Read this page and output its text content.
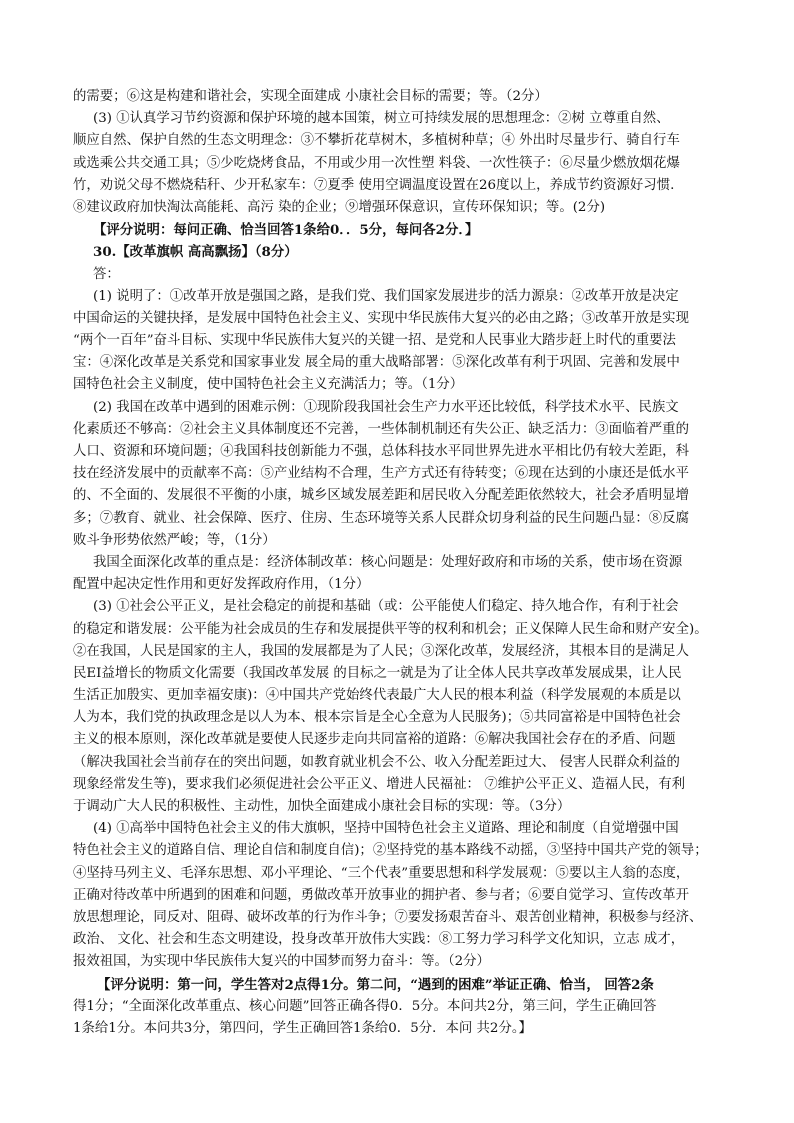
的需要；⑥这是构建和谐社会，实现全面建成 小康社会目标的需要；等。（2分）
(3) ①认真学习节约资源和保护环境的越本国策，树立可持续发展的思想理念：②树 立尊重自然、
顺应自然、保护自然的生态文明理念：③不攀折花草树木，多植树种草；④ 外出时尽量步行、骑自行车
或选乘公共交通工具；⑤少吃烧烤食品，不用或少用一次性塑 料袋、一次性筷子：⑥尽量少燃放烟花爆
竹，劝说父母不燃烧秸秆、少开私家车：⑦夏季 使用空调温度设置在26度以上，养成节约资源好习惯.
⑧建议政府加快淘汰高能耗、高污 染的企业；⑨增强环保意识，宣传环保知识；等。(2分)
【评分说明：每问正确、恰当回答1条给0．．5分，每问各2分．】
30.【改革旗帜 高高飘扬】（8分）
答：
(1) 说明了：①改革开放是强国之路，是我们党、我们国家发展进步的活力源泉：②改革开放是决定
中国命运的关键抉择，是发展中国特色社会主义、实现中华民族伟大复兴的必由之路；③改革开放是实现
“两个一百年”奋斗目标、实现中华民族伟大复兴的关键一招、是党和人民事业大踏步赶上时代的重要法
宝：④深化改革是关系党和国家事业发 展全局的重大战略部署：⑤深化改革有利于巩固、完善和发展中
国特色社会主义制度，使中国特色社会主义充满活力；等。（1分）
(2) 我国在改革中遇到的困难示例：①现阶段我国社会生产力水平还比较低，科学技术水平、民族文
化素质还不够高：②社会主义具体制度还不完善，一些体制机制还有失公正、缺乏活力：③面临着严重的
人口、资源和环境问题；④我国科技创新能力不强，总体科技水平同世界先进水平相比仍有较大差距，科
技在经济发展中的贡献率不高：⑤产业结构不合理，生产方式还有待转变；⑥现在达到的小康还是低水平
的、不全面的、发展很不平衡的小康，城乡区域发展差距和居民收入分配差距依然较大，社会矛盾明显增
多；⑦教育、就业、社会保障、医疗、住房、生态环境等关系人民群众切身利益的民生问题凸显：⑧反腐
败斗争形势依然严峻；等，（1分）
我国全面深化改革的重点是：经济体制改革：核心问题是：处理好政府和市场的关系，使市场在资源
配置中起决定性作用和更好发挥政府作用，（1分）
(3) ①社会公平正义，是社会稳定的前提和基础（或：公平能使人们稳定、持久地合作，有利于社会
的稳定和谐发展：公平能为社会成员的生存和发展提供平等的权利和机会；正义保障人民生命和财产安全)。
②在我国，人民是国家的主人，我国的发展都是为了人民；③深化改革，发展经济，其根本目的是满足人
民EI益增长的物质文化需要（我国改革发展 的目标之一就是为了让全体人民共享改革发展成果，让人民
生活正加殷实、更加幸福安康)：④中国共产党始终代表最广大人民的根本利益（科学发展观的本质是以
人为本，我们党的执政理念是以人为本、根本宗旨是全心全意为人民服务)；⑤共同富裕是中国特色社会
主义的根本原则，深化改革就是要使人民逐步走向共同富裕的道路：⑥解决我国社会存在的矛盾、问题
（解决我国社会当前存在的突出问题，如教育就业机会不公、收入分配差距过大、 侵害人民群众利益的
现象经常发生等)，要求我们必须促进社会公平正义、增进人民福祉： ⑦维护公平正义、造福人民，有利
于调动广大人民的积极性、主动性，加快全面建成小康社会目标的实现：等。（3分）
(4) ①高举中国特色社会主义的伟大旗帜，坚持中国特色社会主义道路、理论和制度（自觉增强中国
特色社会主义的道路自信、理论自信和制度自信)；②坚持党的基本路线不动摇，③坚持中国共产党的领导；
④坚持马列主义、毛泽东思想、邓小平理论、“三个代表”重要思想和科学发展观：⑤要以主人翁的态度，
正确对待改革中所遇到的困难和问题，勇做改革开放事业的拥护者、参与者；⑥要自觉学习、宣传改革开
放思想理论，同反对、阻碍、破坏改革的行为作斗争；⑦要发扬艰苦奋斗、艰苦创业精神，积极参与经济、
政治、 文化、社会和生态文明建设，投身改革开放伟大实践：⑧工努力学习科学文化知识，立志 成才，
报效祖国，为实现中华民族伟大复兴的中国梦而努力奋斗：等。（2分）
【评分说明：第一问，学生答对2点得1分。第二问，“遇到的困难”举证正确、恰当， 回答2条
得1分；“全面深化改革重点、核心问题”回答正确各得0．5分。本问共2分，第三问，学生正确回答
1条给1分。本问共3分，第四问，学生正确回答1条给0．5分．本问 共2分。】
